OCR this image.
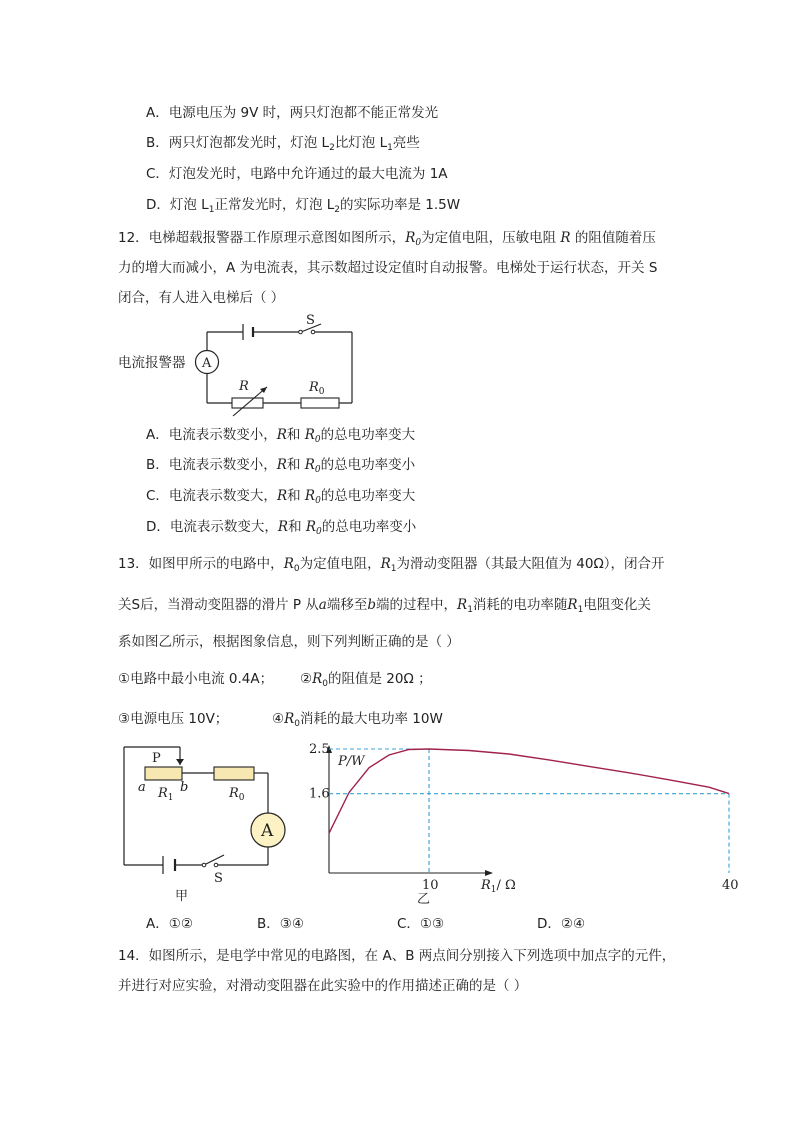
A．电源电压为 9V 时，两只灯泡都不能正常发光
B．两只灯泡都发光时，灯泡 $L_2$比灯泡 $L_1$亮些
C．灯泡发光时，电路中允许通过的最大电流为 1A
D．灯泡 $L_1$正常发光时，灯泡 $L_2$的实际功率是 1.5W
12．电梯超载报警器工作原理示意图如图所示，$R_0$为定值电阻，压敏电阻 R 的阻值随着压
力的增大而减小，A 为电流表，其示数超过设定值时自动报警。电梯处于运行状态，开关 S
闭合，有人进入电梯后（ ）
S
A
R	$R_0$
电流报警器
A．电流表示数变小，R和 $R_0$的总电功率变大
B．电流表示数变小，R和 $R_0$的总电功率变小
C．电流表示数变大，R和 $R_0$的总电功率变大
D．电流表示数变大，R和 $R_0$的总电功率变小
13．如图甲所示的电路中，$R_0$为定值电阻，$R_1$为滑动变阻器（其最大阻值为 40Ω），闭合开
关S后，当滑动变阻器的滑片 P 从a端移至b端的过程中，$R_1$消耗的电功率随$R_1$电阻变化关
系如图乙所示，根据图象信息，则下列判断正确的是（ ）
①电路中最小电流 0.4A； $②R_0$的阻值是 20Ω ；
③电源电压 10V；	$④R_0$消耗的最大电功率 10W
A
P
a	b
$R_1$	$R_0$
S
甲
P/W
$R_1/$ Ω
乙
10	40
1.6
2.5
A．①②	B．③④	C．①③	D．②④
14．如图所示，是电学中常见的电路图，在 A、B 两点间分别接入下列选项中加点字的元件，
并进行对应实验，对滑动变阻器在此实验中的作用描述正确的是（ ）
